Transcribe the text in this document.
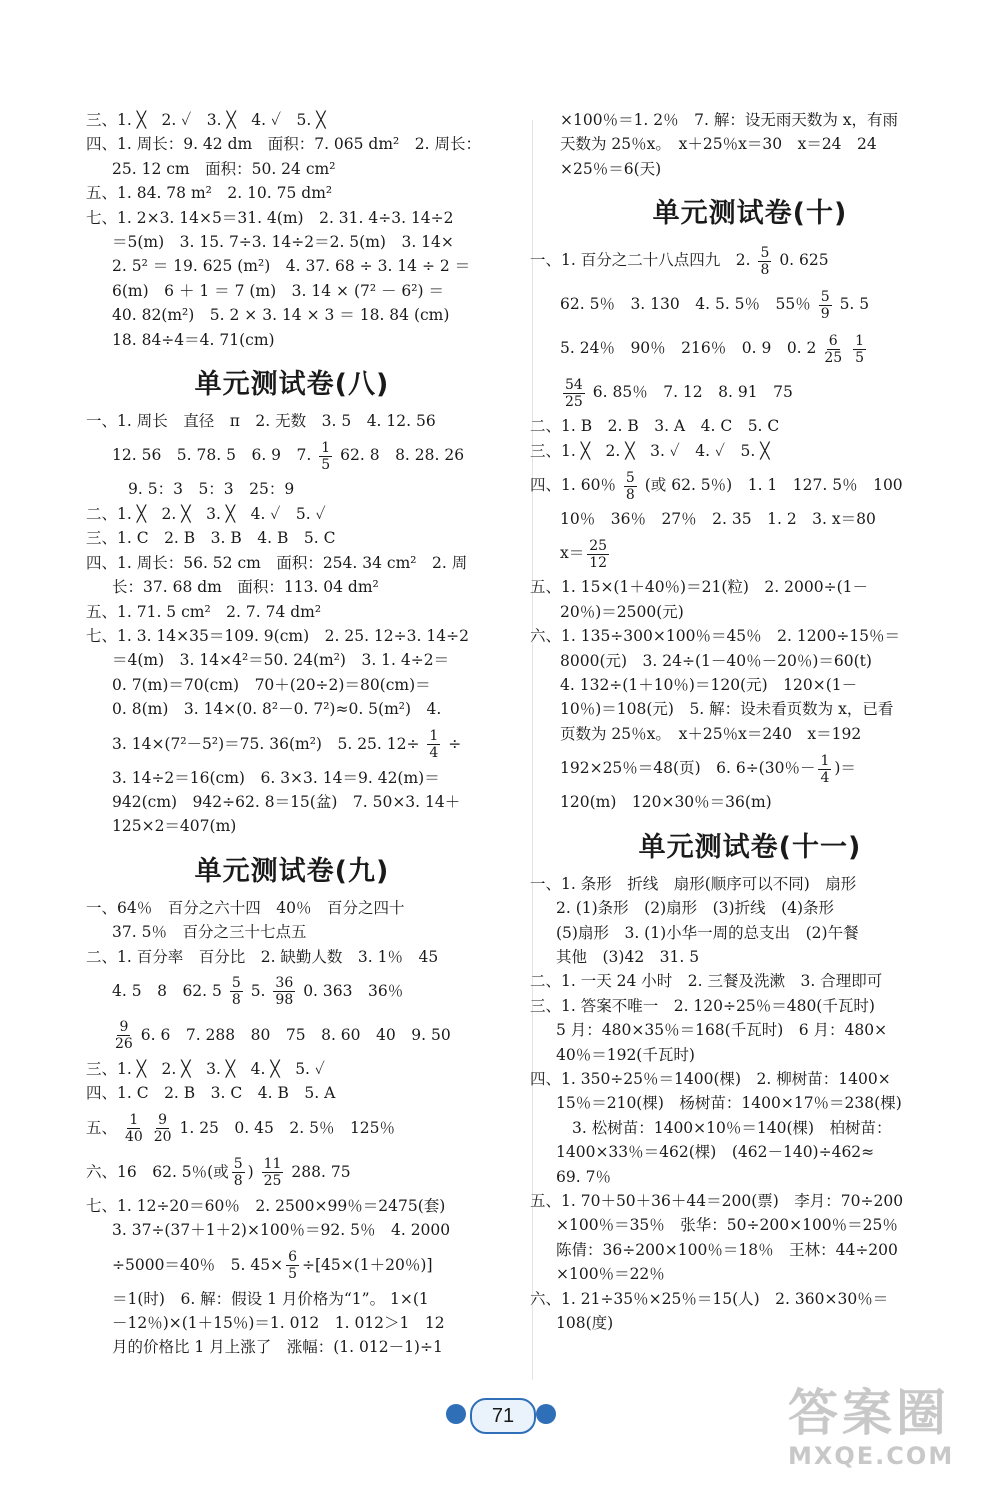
三、1. ╳　2. ✓　3. ╳　4. ✓　5. ╳
四、1. 周长：9. 42 dm　面积：7. 065 dm²　2. 周长：
25. 12 cm　面积：50. 24 cm²
五、1. 84. 78 m²　2. 10. 75 dm²
七、1. 2×3. 14×5＝31. 4(m)　2. 31. 4÷3. 14÷2
＝5(m)　3. 15. 7÷3. 14÷2＝2. 5(m)　3. 14×
2. 5² ＝ 19. 625 (m²)　4. 37. 68 ÷ 3. 14 ÷ 2 ＝
6(m)　6 ＋ 1 ＝ 7 (m)　3. 14 × (7² － 6²) ＝
40. 82(m²)　5. 2 × 3. 14 × 3 ＝ 18. 84 (cm)
18. 84÷4＝4. 71(cm)
单元测试卷(八)
一、1. 周长　直径　π　2. 无数　3. 5　4. 12. 56
12. 56　5. 78. 5　6. 9　7. $\frac{1}{5} 62$. 8　8. 28. 26
9. 5：3　5：3　25：9
二、1. ╳　2. ╳　3. ╳　4. ✓　5. ✓
三、1. C　2. B　3. B　4. B　5. C
四、1. 周长：56. 52 cm　面积：254. 34 cm²　2. 周
长：37. 68 dm　面积：113. 04 dm²
五、1. 71. 5 cm²　2. 7. 74 dm²
七、1. 3. 14×35＝109. 9(cm)　2. 25. 12÷3. 14÷2
＝4(m)　3. 14×4²＝50. 24(m²)　3. 1. 4÷2＝
0. 7(m)＝70(cm)　70＋(20÷2)＝80(cm)＝
0. 8(m)　3. 14×(0. 8²－0. 7²)≈0. 5(m²)　4.
3. 14×(7²－5²)＝75. 36(m²)　5. 25. $12\div \frac{1}{4}$ ÷
3. 14÷2＝16(cm)　6. 3×3. 14＝9. 42(m)＝
942(cm)　942÷62. 8＝15(盆)　7. 50×3. 14＋
125×2＝407(m)
单元测试卷(九)
一、64％　百分之六十四　40％　百分之四十
37. 5％　百分之三十七点五
二、1. 百分率　百分比　2. 缺勤人数　3. 1％　45
4. 5　8　62. $5 \frac{5}{8} 5$. $\frac{36}{98} 0$. 363　36％
$\frac{9}{26} 6$. 6　7. 288　80　75　8. 60　40　9. 50
三、1. ╳　2. ╳　3. ╳　4. ╳　5. ✓
四、1. C　2. B　3. C　4. B　5. A
五、 $\frac{1}{40}$
$\frac{9}{20} 1$. 25　0. 45　2. 5％　125％
六、16　62. 5％(或 $\frac{5}{8}$ ) $\frac{11}{25} 288$. 75
七、1. 12÷20＝60％　2. 2500×99％＝2475(套)
3. 37÷(37＋1＋2)×100％＝92. 5％　4. 2000
÷5000＝40％　5. $45\times \frac{6}{5} \div[45\times(1+20$％)]
＝1(时)　6. 解：假设 1 月价格为“1”。 1×(1
－12％)×(1＋15％)＝1. 012　1. 012＞1　12
月的价格比 1 月上涨了　涨幅：(1. 012－1)÷1
×100％＝1. 2％　7. 解：设无雨天数为 x，有雨
天数为 25％x。　x＋25％x＝30　x＝24　24
×25％＝6(天)
单元测试卷(十)
一、1. 百分之二十八点四九　2. $\frac{5}{8} 0$. 625
62. 5％　3. 130　4. 5. 5％　55％ $\frac{5}{9} 5$. 5
5. 24％　90％　216％　0. 9　0. $2 \frac{6}{25}$
$\frac{1}{5}$
$\frac{54}{25} 6$. 85％　7. 12　8. 91　75
二、1. B　2. B　3. A　4. C　5. C
三、1. ╳　2. ╳　3. ✓　4. ✓　5. ╳
四、1. 60％ $\frac{5}{8}$ (或 62. 5％)　1. 1　127. 5％　100
10％　36％　27％　2. 35　1. 2　3. x＝80
$x= \frac{25}{12}$
五、1. 15×(1＋40％)＝21(粒)　2. 2000÷(1－
20％)＝2500(元)
六、1. 135÷300×100％＝45％　2. 1200÷15％＝
8000(元)　3. 24÷(1－40％－20％)＝60(t)
4. 132÷(1＋10％)＝120(元)　120×(1－
10％)＝108(元)　5. 解：设未看页数为 x，已看
页数为 25％x。　x＋25％x＝240　x＝192
192×25％＝48(页)　6. 6÷(30％－ $\frac{1}{4}$ )＝
120(m)　120×30％＝36(m)
单元测试卷(十一)
一、1. 条形　折线　扇形(顺序可以不同)　扇形
2. (1)条形　(2)扇形　(3)折线　(4)条形
(5)扇形　3. (1)小华一周的总支出　(2)午餐
其他　(3)42　31. 5
二、1. 一天 24 小时　2. 三餐及洗漱　3. 合理即可
三、1. 答案不唯一　2. 120÷25％＝480(千瓦时)
5 月：480×35％＝168(千瓦时)　6 月：480×
40％＝192(千瓦时)
四、1. 350÷25％＝1400(棵)　2. 柳树苗：1400×
15％＝210(棵)　杨树苗：1400×17％＝238(棵)
3. 松树苗：1400×10％＝140(棵)　柏树苗：
1400×33％＝462(棵)　(462－140)÷462≈
69. 7％
五、1. 70＋50＋36＋44＝200(票)　李月：70÷200
×100％＝35％　张华：50÷200×100％＝25％
陈倩：36÷200×100％＝18％　王林：44÷200
×100％＝22％
六、1. 21÷35％×25％＝15(人)　2. 360×30％＝
108(度)
71	答案圈
MXQE.COM
